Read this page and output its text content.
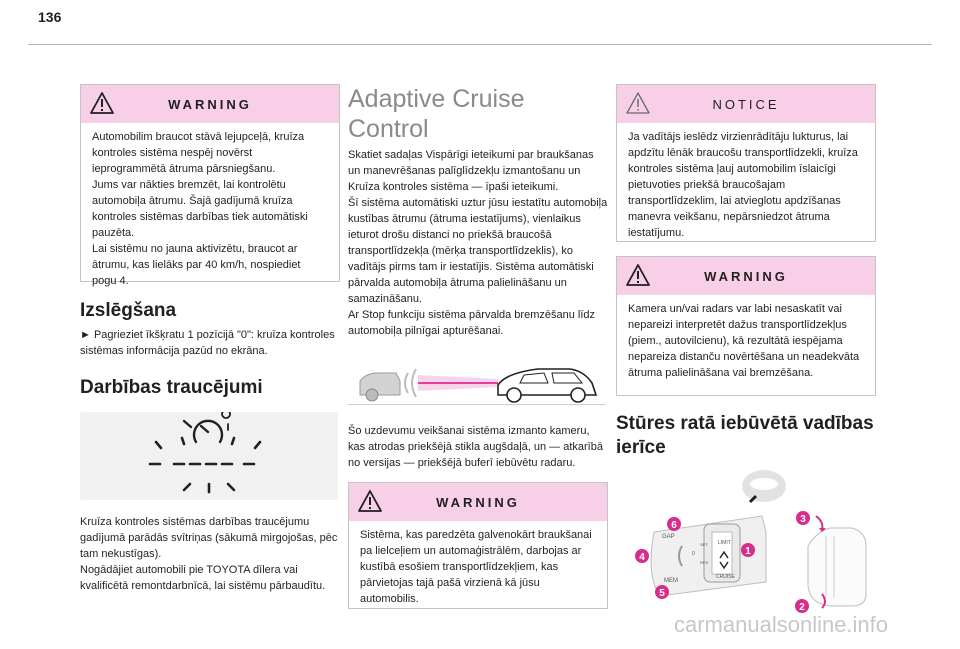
136
WARNING

Automobilim braucot stāvā lejupceļā, kruīza kontroles sistēma nespēj novērst ieprogrammētā ātruma pārsniegšanu.

Jums var nākties bremzēt, lai kontrolētu automobiļa ātrumu. Šajā gadījumā kruīza kontroles sistēmas darbības tiek automātiski pauzēta.

Lai sistēmu no jauna aktivizētu, braucot ar ātrumu, kas lielāks par 40 km/h, nospiediet pogu 4.

Izslēgšana

► Pagrieziet īkšķratu 1 pozīcijā "0": kruīza kontroles sistēmas informācija pazūd no ekrāna.

Darbības traucējumi

Kruīza kontroles sistēmas darbības traucējumu gadījumā parādās svītriņas (sākumā mirgojošas, pēc tam nekustīgas).

Nogādājiet automobili pie TOYOTA dīlera vai kvalificētā remontdarbnīcā, lai sistēmu pārbaudītu.

Adaptive Cruise Control

Skatiet sadaļas Vispārīgi ieteikumi par braukšanas un manevrēšanas palīglīdzekļu izmantošanu un Kruīza kontroles sistēma — īpaši ieteikumi.

Šī sistēma automātiski uztur jūsu iestatītu automobiļa kustības ātrumu (ātruma iestatījums), vienlaikus ieturot drošu distanci no priekšā braucošā transportlīdzekļa (mērķa transportlīdzeklis), ko vadītājs pirms tam ir iestatījis. Sistēma automātiski pārvalda automobiļa ātruma palielināšanu un samazināšanu.

Ar Stop funkciju sistēma pārvalda bremzēšanu līdz automobiļa pilnīgai apturēšanai.

Šo uzdevumu veikšanai sistēma izmanto kameru, kas atrodas priekšējā stikla augšdaļā, un — atkarībā no versijas — priekšējā buferī iebūvētu radaru.

WARNING

Sistēma, kas paredzēta galvenokārt braukšanai pa lielceļiem un automaģistrālēm, darbojas ar kustībā esošiem transportlīdzekļiem, kas pārvietojas tajā pašā virzienā kā jūsu automobilis.

NOTICE

Ja vadītājs ieslēdz virzienrādītāju lukturus, lai apdzītu lēnāk braucošu transportlīdzekli, kruīza kontroles sistēma ļauj automobilim īslaicīgi pietuvoties priekšā braucošajam transportlīdzeklim, lai atvieglotu apdzīšanas manevra veikšanu, nepārsniedzot ātruma iestatījumu.

WARNING

Kamera un/vai radars var labi nesaskatīt vai nepareizi interpretēt dažus transportlīdzekļus (piem., autovilcienu), kā rezultātā iespējama nepareiza distanču novērtēšana un neadekvāta ātruma palielināšana vai bremzēšana.

Stūres ratā iebūvētā vadības
ierīce
LIMIT
CRUISE
GAP
MEM
SET
RES
0	1
2
3
4
5
6
carmanualsonline.info
